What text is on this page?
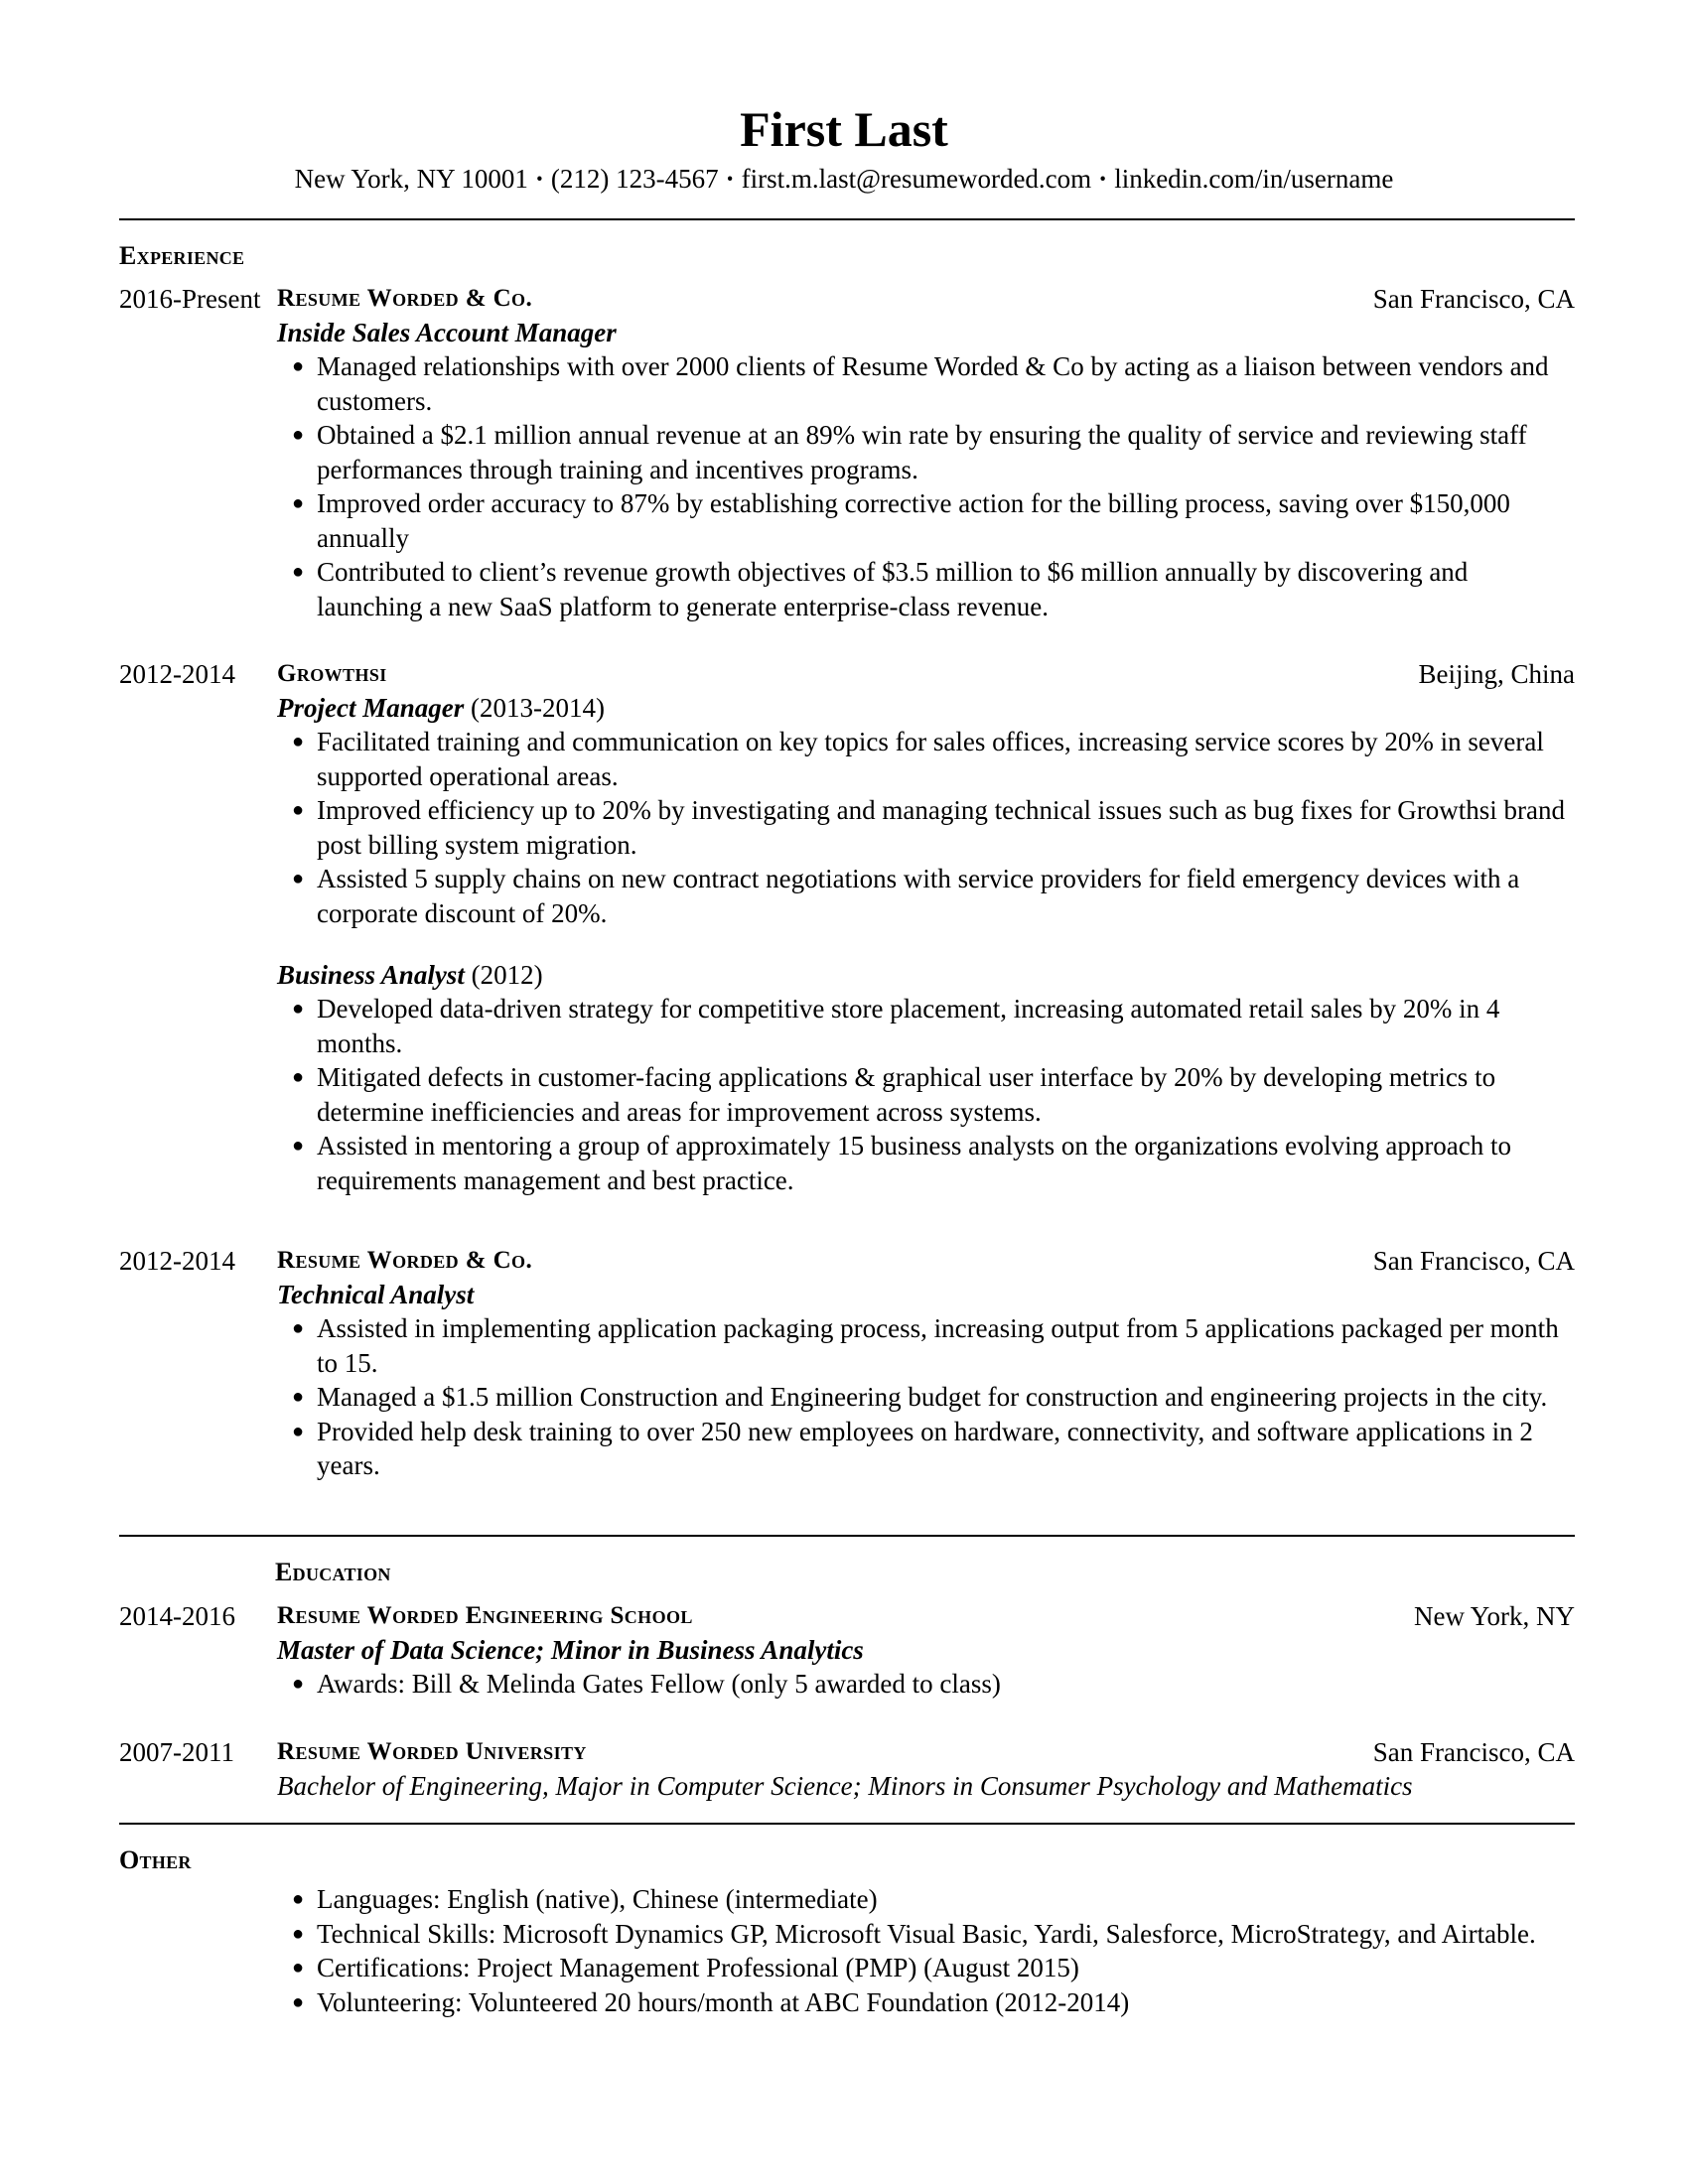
First Last
New York, NY 10001 · (212) 123-4567 · first.m.last@resumeworded.com · linkedin.com/in/username
Experience
2016-Present Resume Worded & Co.	San Francisco, CA
Inside Sales Account Manager
● Managed relationships with over 2000 clients of Resume Worded & Co by acting as a liaison between vendors and customers.
● Obtained a $2.1 million annual revenue at an 89% win rate by ensuring the quality of service and reviewing staff performances through training and incentives programs.
● Improved order accuracy to 87% by establishing corrective action for the billing process, saving over $150,000 annually
● Contributed to client’s revenue growth objectives of $3.5 million to $6 million annually by discovering and launching a new SaaS platform to generate enterprise-class revenue.
2012-2014 Growthsi	Beijing, China
Project Manager (2013-2014)
● Facilitated training and communication on key topics for sales offices, increasing service scores by 20% in several supported operational areas.
● Improved efficiency up to 20% by investigating and managing technical issues such as bug fixes for Growthsi brand post billing system migration.
● Assisted 5 supply chains on new contract negotiations with service providers for field emergency devices with a corporate discount of 20%.
Business Analyst (2012)
● Developed data-driven strategy for competitive store placement, increasing automated retail sales by 20% in 4 months.
● Mitigated defects in customer-facing applications & graphical user interface by 20% by developing metrics to determine inefficiencies and areas for improvement across systems.
● Assisted in mentoring a group of approximately 15 business analysts on the organizations evolving approach to requirements management and best practice.
2012-2014 Resume Worded & Co.	San Francisco, CA
Technical Analyst
● Assisted in implementing application packaging process, increasing output from 5 applications packaged per month to 15.
● Managed a $1.5 million Construction and Engineering budget for construction and engineering projects in the city.
● Provided help desk training to over 250 new employees on hardware, connectivity, and software applications in 2 years.
Education
2014-2016 Resume Worded Engineering School	New York, NY
Master of Data Science; Minor in Business Analytics
● Awards: Bill & Melinda Gates Fellow (only 5 awarded to class)
2007-2011 Resume Worded University	San Francisco, CA
Bachelor of Engineering, Major in Computer Science; Minors in Consumer Psychology and Mathematics
Other
● Languages: English (native), Chinese (intermediate)
● Technical Skills: Microsoft Dynamics GP, Microsoft Visual Basic, Yardi, Salesforce, MicroStrategy, and Airtable.
● Certifications: Project Management Professional (PMP) (August 2015)
● Volunteering: Volunteered 20 hours/month at ABC Foundation (2012-2014)
